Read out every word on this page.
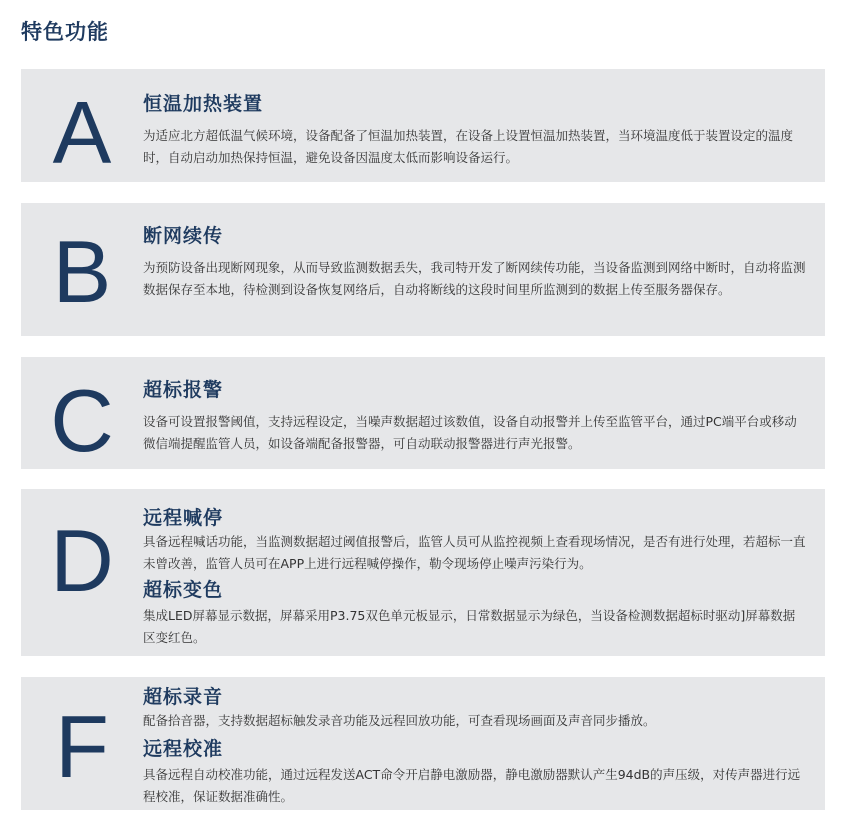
特色功能
A	恒温加热装置

为适应北方超低温气候环境，设备配备了恒温加热装置，在设备上设置恒温加热装置，当环境温度低于装置设定的温度时，自动启动加热保持恒温，避免设备因温度太低而影响设备运行。

B	断网续传

为预防设备出现断网现象，从而导致监测数据丢失，我司特开发了断网续传功能，当设备监测到网络中断时，自动将监测数据保存至本地，待检测到设备恢复网络后，自动将断线的这段时间里所监测到的数据上传至服务器保存。

C	超标报警

设备可设置报警阈值，支持远程设定，当噪声数据超过该数值，设备自动报警并上传至监管平台，通过PC端平台或移动微信端提醒监管人员，如设备端配备报警器，可自动联动报警器进行声光报警。

D	远程喊停

具备远程喊话功能，当监测数据超过阈值报警后，监管人员可从监控视频上查看现场情况，是否有进行处理，若超标一直未曾改善，监管人员可在APP上进行远程喊停操作，勒令现场停止噪声污染行为。

超标变色

集成LED屏幕显示数据，屏幕采用P3.75双色单元板显示，日常数据显示为绿色，当设备检测数据超标时驱动]屏幕数据区变红色。

F	超标录音

配备拾音器，支持数据超标触发录音功能及远程回放功能，可查看现场画面及声音同步播放。

远程校准

具备远程自动校准功能，通过远程发送ACT命令开启静电激励器，静电激励器默认产生94dB的声压级，对传声器进行远程校准，保证数据准确性。
